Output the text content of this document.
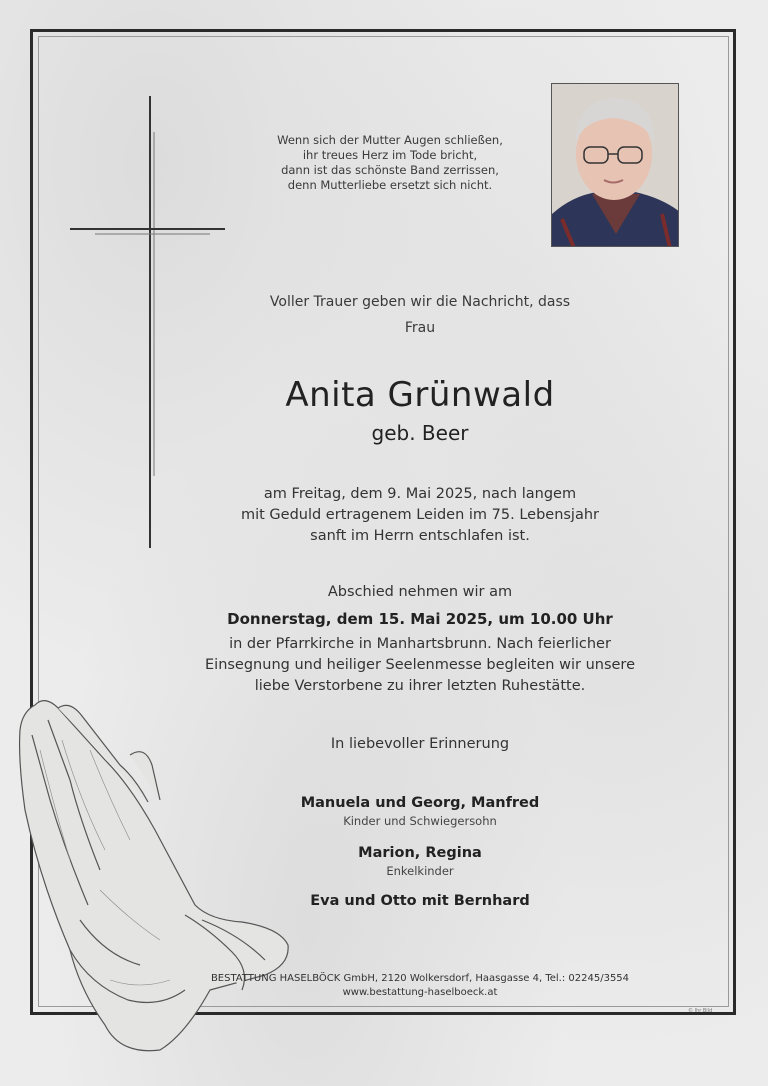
Wenn sich der Mutter Augen schließen,
ihr treues Herz im Tode bricht,
dann ist das schönste Band zerrissen,
denn Mutterliebe ersetzt sich nicht.
Voller Trauer geben wir die Nachricht, dass
Frau
Anita Grünwald
geb. Beer
am Freitag, dem 9. Mai 2025, nach langem
mit Geduld ertragenem Leiden im 75. Lebensjahr
sanft im Herrn entschlafen ist.
Abschied nehmen wir am
Donnerstag, dem 15. Mai 2025, um 10.00 Uhr
in der Pfarrkirche in Manhartsbrunn. Nach feierlicher
Einsegnung und heiliger Seelenmesse begleiten wir unsere
liebe Verstorbene zu ihrer letzten Ruhestätte.
In liebevoller Erinnerung
Manuela und Georg, Manfred
Kinder und Schwiegersohn
Marion, Regina
Enkelkinder
Eva und Otto mit Bernhard
BESTATTUNG HASELBÖCK GmbH, 2120 Wolkersdorf, Haasgasse 4, Tel.: 02245/3554
www.bestattung-haselboeck.at
© Ihr Bild
